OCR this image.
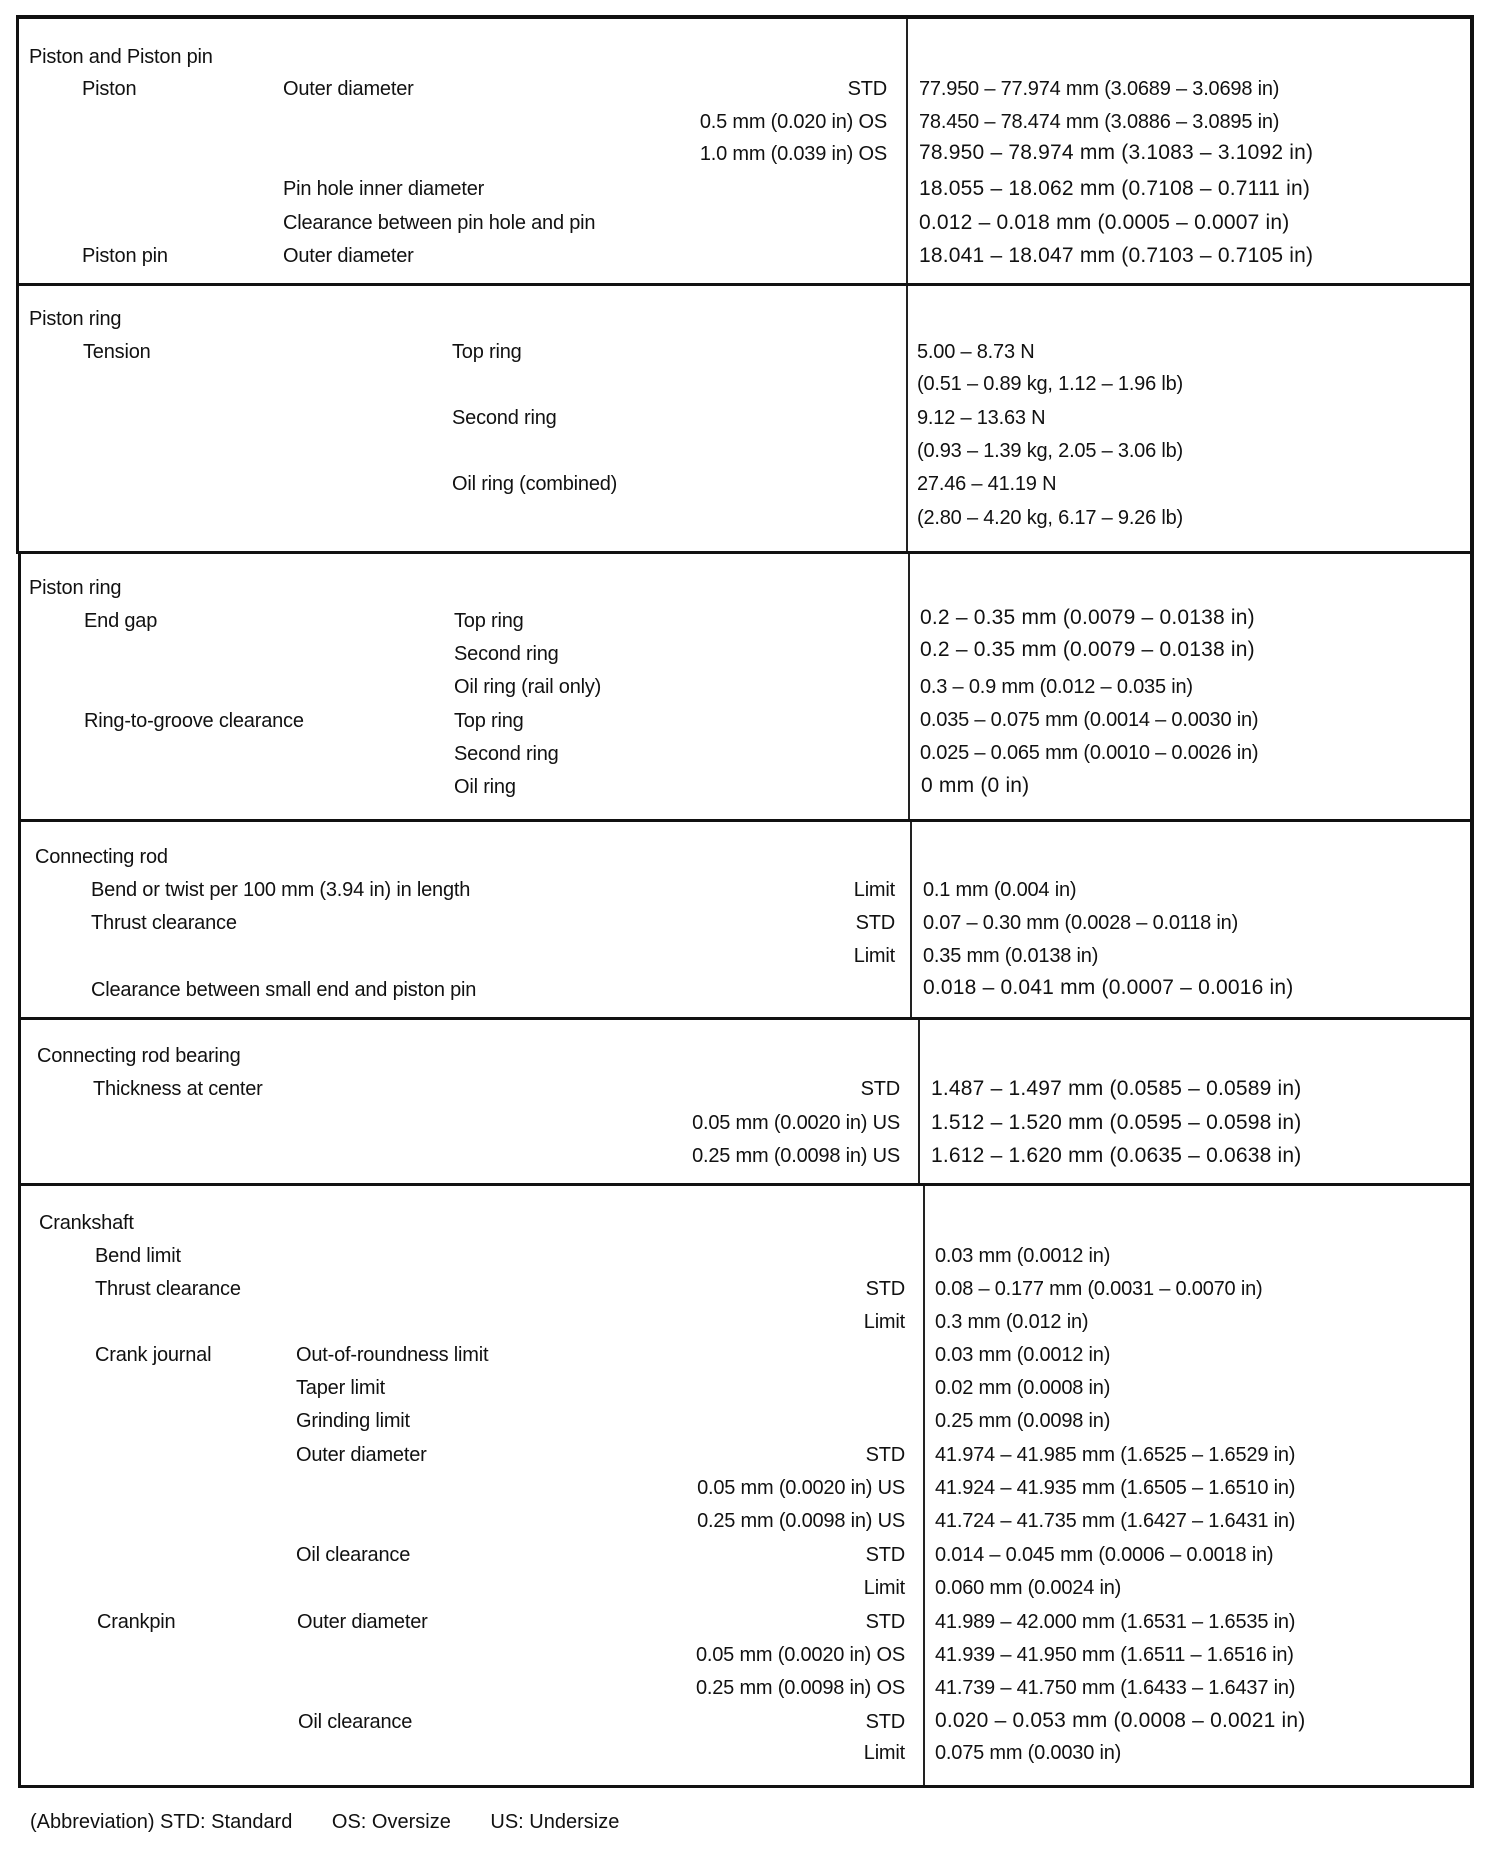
Piston and Piston pin
Piston	Outer diameter	STD 77.950 – 77.974 mm (3.0689 – 3.0698 in)
0.5 mm (0.020 in) OS 78.450 – 78.474 mm (3.0886 – 3.0895 in)
1.0 mm (0.039 in) OS 78.950 – 78.974 mm (3.1083 – 3.1092 in)
Pin hole inner diameter	18.055 – 18.062 mm (0.7108 – 0.7111 in)
Clearance between pin hole and pin	0.012 – 0.018 mm (0.0005 – 0.0007 in)
Piston pin	Outer diameter	18.041 – 18.047 mm (0.7103 – 0.7105 in)
Piston ring
Tension	Top ring	5.00 – 8.73 N
(0.51 – 0.89 kg, 1.12 – 1.96 lb)
Second ring	9.12 – 13.63 N
(0.93 – 1.39 kg, 2.05 – 3.06 lb)
Oil ring (combined)	27.46 – 41.19 N
(2.80 – 4.20 kg, 6.17 – 9.26 lb)
Piston ring
End gap	Top ring	0.2 – 0.35 mm (0.0079 – 0.0138 in)
Second ring	0.2 – 0.35 mm (0.0079 – 0.0138 in)
Oil ring (rail only)	0.3 – 0.9 mm (0.012 – 0.035 in)
Ring-to-groove clearance	Top ring	0.035 – 0.075 mm (0.0014 – 0.0030 in)
Second ring	0.025 – 0.065 mm (0.0010 – 0.0026 in)
Oil ring	0 mm (0 in)
Connecting rod
Bend or twist per 100 mm (3.94 in) in length	Limit 0.1 mm (0.004 in)
Thrust clearance	STD 0.07 – 0.30 mm (0.0028 – 0.0118 in)
Limit 0.35 mm (0.0138 in)
Clearance between small end and piston pin	0.018 – 0.041 mm (0.0007 – 0.0016 in)
Connecting rod bearing
Thickness at center	STD 1.487 – 1.497 mm (0.0585 – 0.0589 in)
0.05 mm (0.0020 in) US 1.512 – 1.520 mm (0.0595 – 0.0598 in)
0.25 mm (0.0098 in) US 1.612 – 1.620 mm (0.0635 – 0.0638 in)
Crankshaft
Bend limit	0.03 mm (0.0012 in)
Thrust clearance	STD 0.08 – 0.177 mm (0.0031 – 0.0070 in)
Limit 0.3 mm (0.012 in)
Crank journal	Out-of-roundness limit	0.03 mm (0.0012 in)
Taper limit	0.02 mm (0.0008 in)
Grinding limit	0.25 mm (0.0098 in)
Outer diameter	STD 41.974 – 41.985 mm (1.6525 – 1.6529 in)
0.05 mm (0.0020 in) US 41.924 – 41.935 mm (1.6505 – 1.6510 in)
0.25 mm (0.0098 in) US 41.724 – 41.735 mm (1.6427 – 1.6431 in)
Oil clearance	STD 0.014 – 0.045 mm (0.0006 – 0.0018 in)
Limit 0.060 mm (0.0024 in)
Crankpin	Outer diameter	STD 41.989 – 42.000 mm (1.6531 – 1.6535 in)
0.05 mm (0.0020 in) OS 41.939 – 41.950 mm (1.6511 – 1.6516 in)
0.25 mm (0.0098 in) OS 41.739 – 41.750 mm (1.6433 – 1.6437 in)
Oil clearance	STD 0.020 – 0.053 mm (0.0008 – 0.0021 in)
Limit 0.075 mm (0.0030 in)
(Abbreviation) STD: Standard OS: Oversize US: Undersize
